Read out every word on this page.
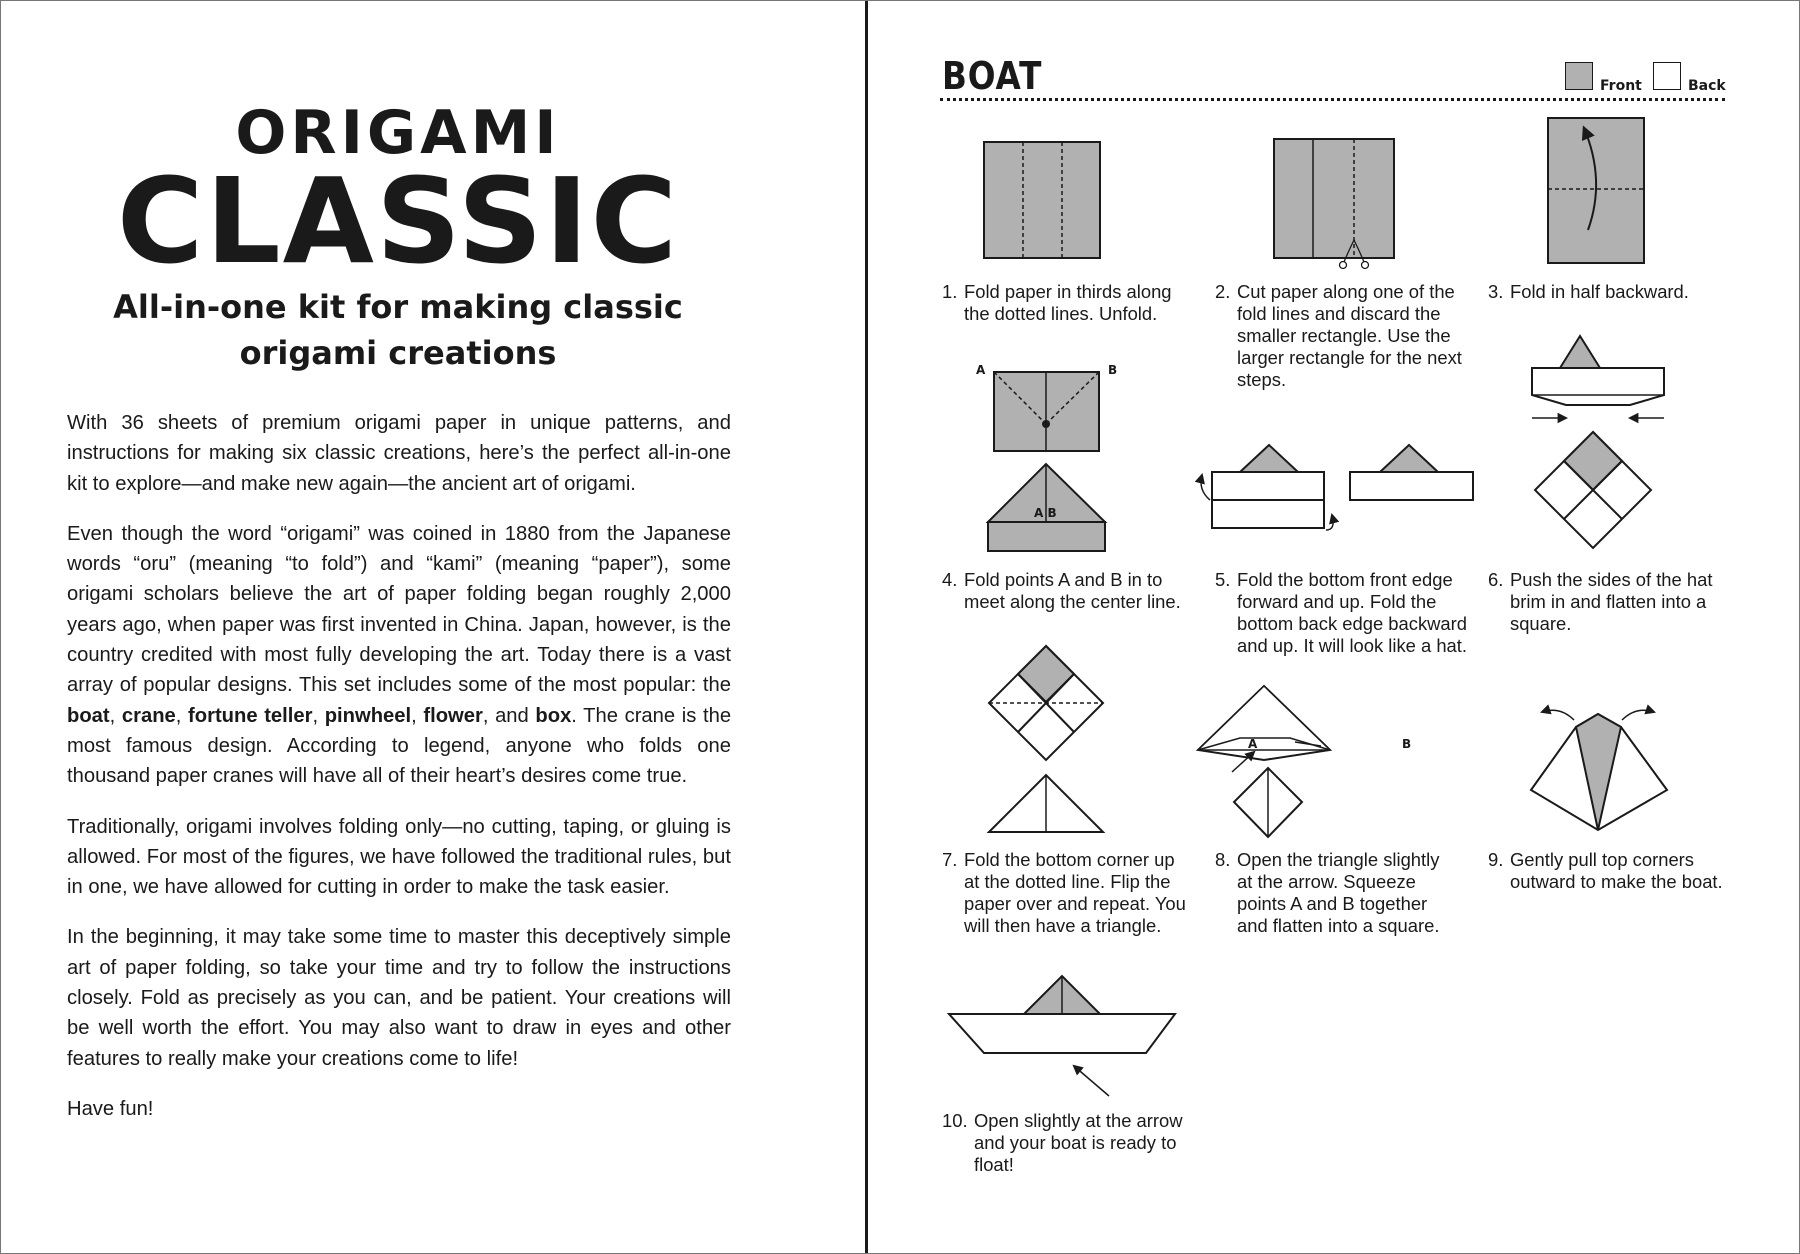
ORIGAMI
CLASSIC
All-in-one kit for making classic
origami creations

With 36 sheets of premium origami paper in unique patterns, and instructions for making six classic creations, here’s the perfect all-in-one kit to explore—and make new again—the ancient art of origami.

Even though the word “origami” was coined in 1880 from the Japanese words “oru” (meaning “to fold”) and “kami” (meaning “paper”), some origami scholars believe the art of paper folding began roughly 2,000 years ago, when paper was first invented in China. Japan, however, is the country credited with most fully developing the art. Today there is a vast array of popular designs. This set includes some of the most popular: the boat, crane, fortune teller, pinwheel, flower, and box. The crane is the most famous design. According to legend, anyone who folds one thousand paper cranes will have all of their heart’s desires come true.

Traditionally, origami involves folding only—no cutting, taping, or gluing is allowed. For most of the figures, we have followed the traditional rules, but in one, we have allowed for cutting in order to make the task easier.

In the beginning, it may take some time to master this deceptively simple art of paper folding, so take your time and try to follow the instructions closely. Fold as precisely as you can, and be patient. Your creations will be well worth the effort. You may also want to draw in eyes and other features to really make your creations come to life!

Have fun!

BOAT	Front	Back
1. Fold paper in thirds along the dotted lines. Unfold.
2. Cut paper along one of the fold lines and discard the smaller rectangle. Use the larger rectangle for the next steps.
3. Fold in half backward.
4. Fold points A and B in to meet along the center line.
5. Fold the bottom front edge forward and up. Fold the bottom back edge backward and up. It will look like a hat.
6. Push the sides of the hat brim in and flatten into a square.
7. Fold the bottom corner up at the dotted line. Flip the paper over and repeat. You will then have a triangle.
8. Open the triangle slightly at the arrow. Squeeze points A and B together and flatten into a square.
9. Gently pull top corners outward to make the boat.
10. Open slightly at the arrow and your boat is ready to float!
A	B
A B
A	B
